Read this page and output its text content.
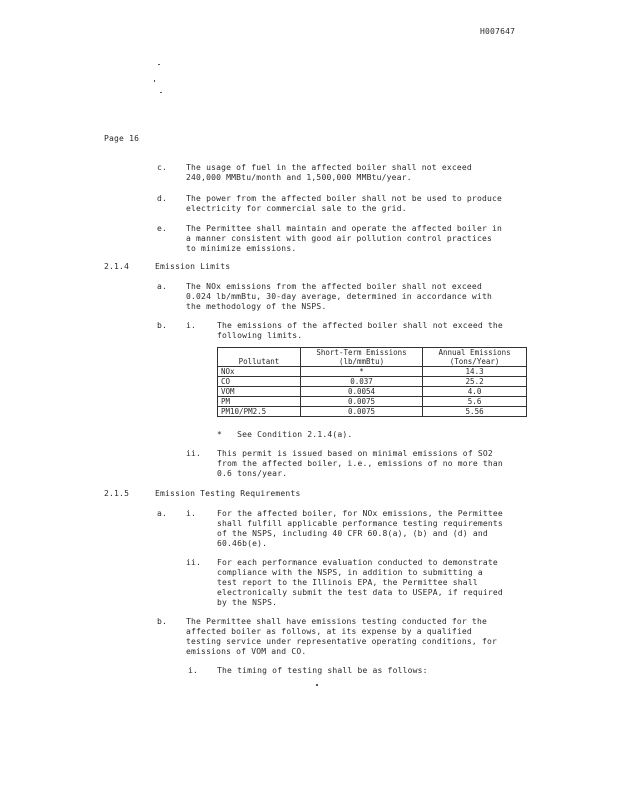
H007647
Page 16
c. The usage of fuel in the affected boiler shall not exceed
240,000 MMBtu/month and 1,500,000 MMBtu/year.
d. The power from the affected boiler shall not be used to produce
electricity for commercial sale to the grid.
e. The Permittee shall maintain and operate the affected boiler in
a manner consistent with good air pollution control practices
to minimize emissions.
2.1.4	Emission Limits
a. The NOx emissions from the affected boiler shall not exceed
0.024 lb/mmBtu, 30-day average, determined in accordance with
the methodology of the NSPS.
b. i.	The emissions of the affected boiler shall not exceed the
following limits.
Pollutant	Short-Term Emissions (lb/mmBtu)	Annual Emissions (Tons/Year)
NOx	*	14.3
CO	0.037	25.2
VOM	0.0054	4.0
PM	0.0075	5.6
PM10/PM2.5	0.0075	5.56
*   See Condition 2.1.4(a).
ii. This permit is issued based on minimal emissions of SO2
from the affected boiler, i.e., emissions of no more than
0.6 tons/year.
2.1.5	Emission Testing Requirements
a. i.	For the affected boiler, for NOx emissions, the Permittee
shall fulfill applicable performance testing requirements
of the NSPS, including 40 CFR 60.8(a), (b) and (d) and
60.46b(e).
ii. For each performance evaluation conducted to demonstrate
compliance with the NSPS, in addition to submitting a
test report to the Illinois EPA, the Permittee shall
electronically submit the test data to USEPA, if required
by the NSPS.
b. The Permittee shall have emissions testing conducted for the
affected boiler as follows, at its expense by a qualified
testing service under representative operating conditions, for
emissions of VOM and CO.
i. The timing of testing shall be as follows:
